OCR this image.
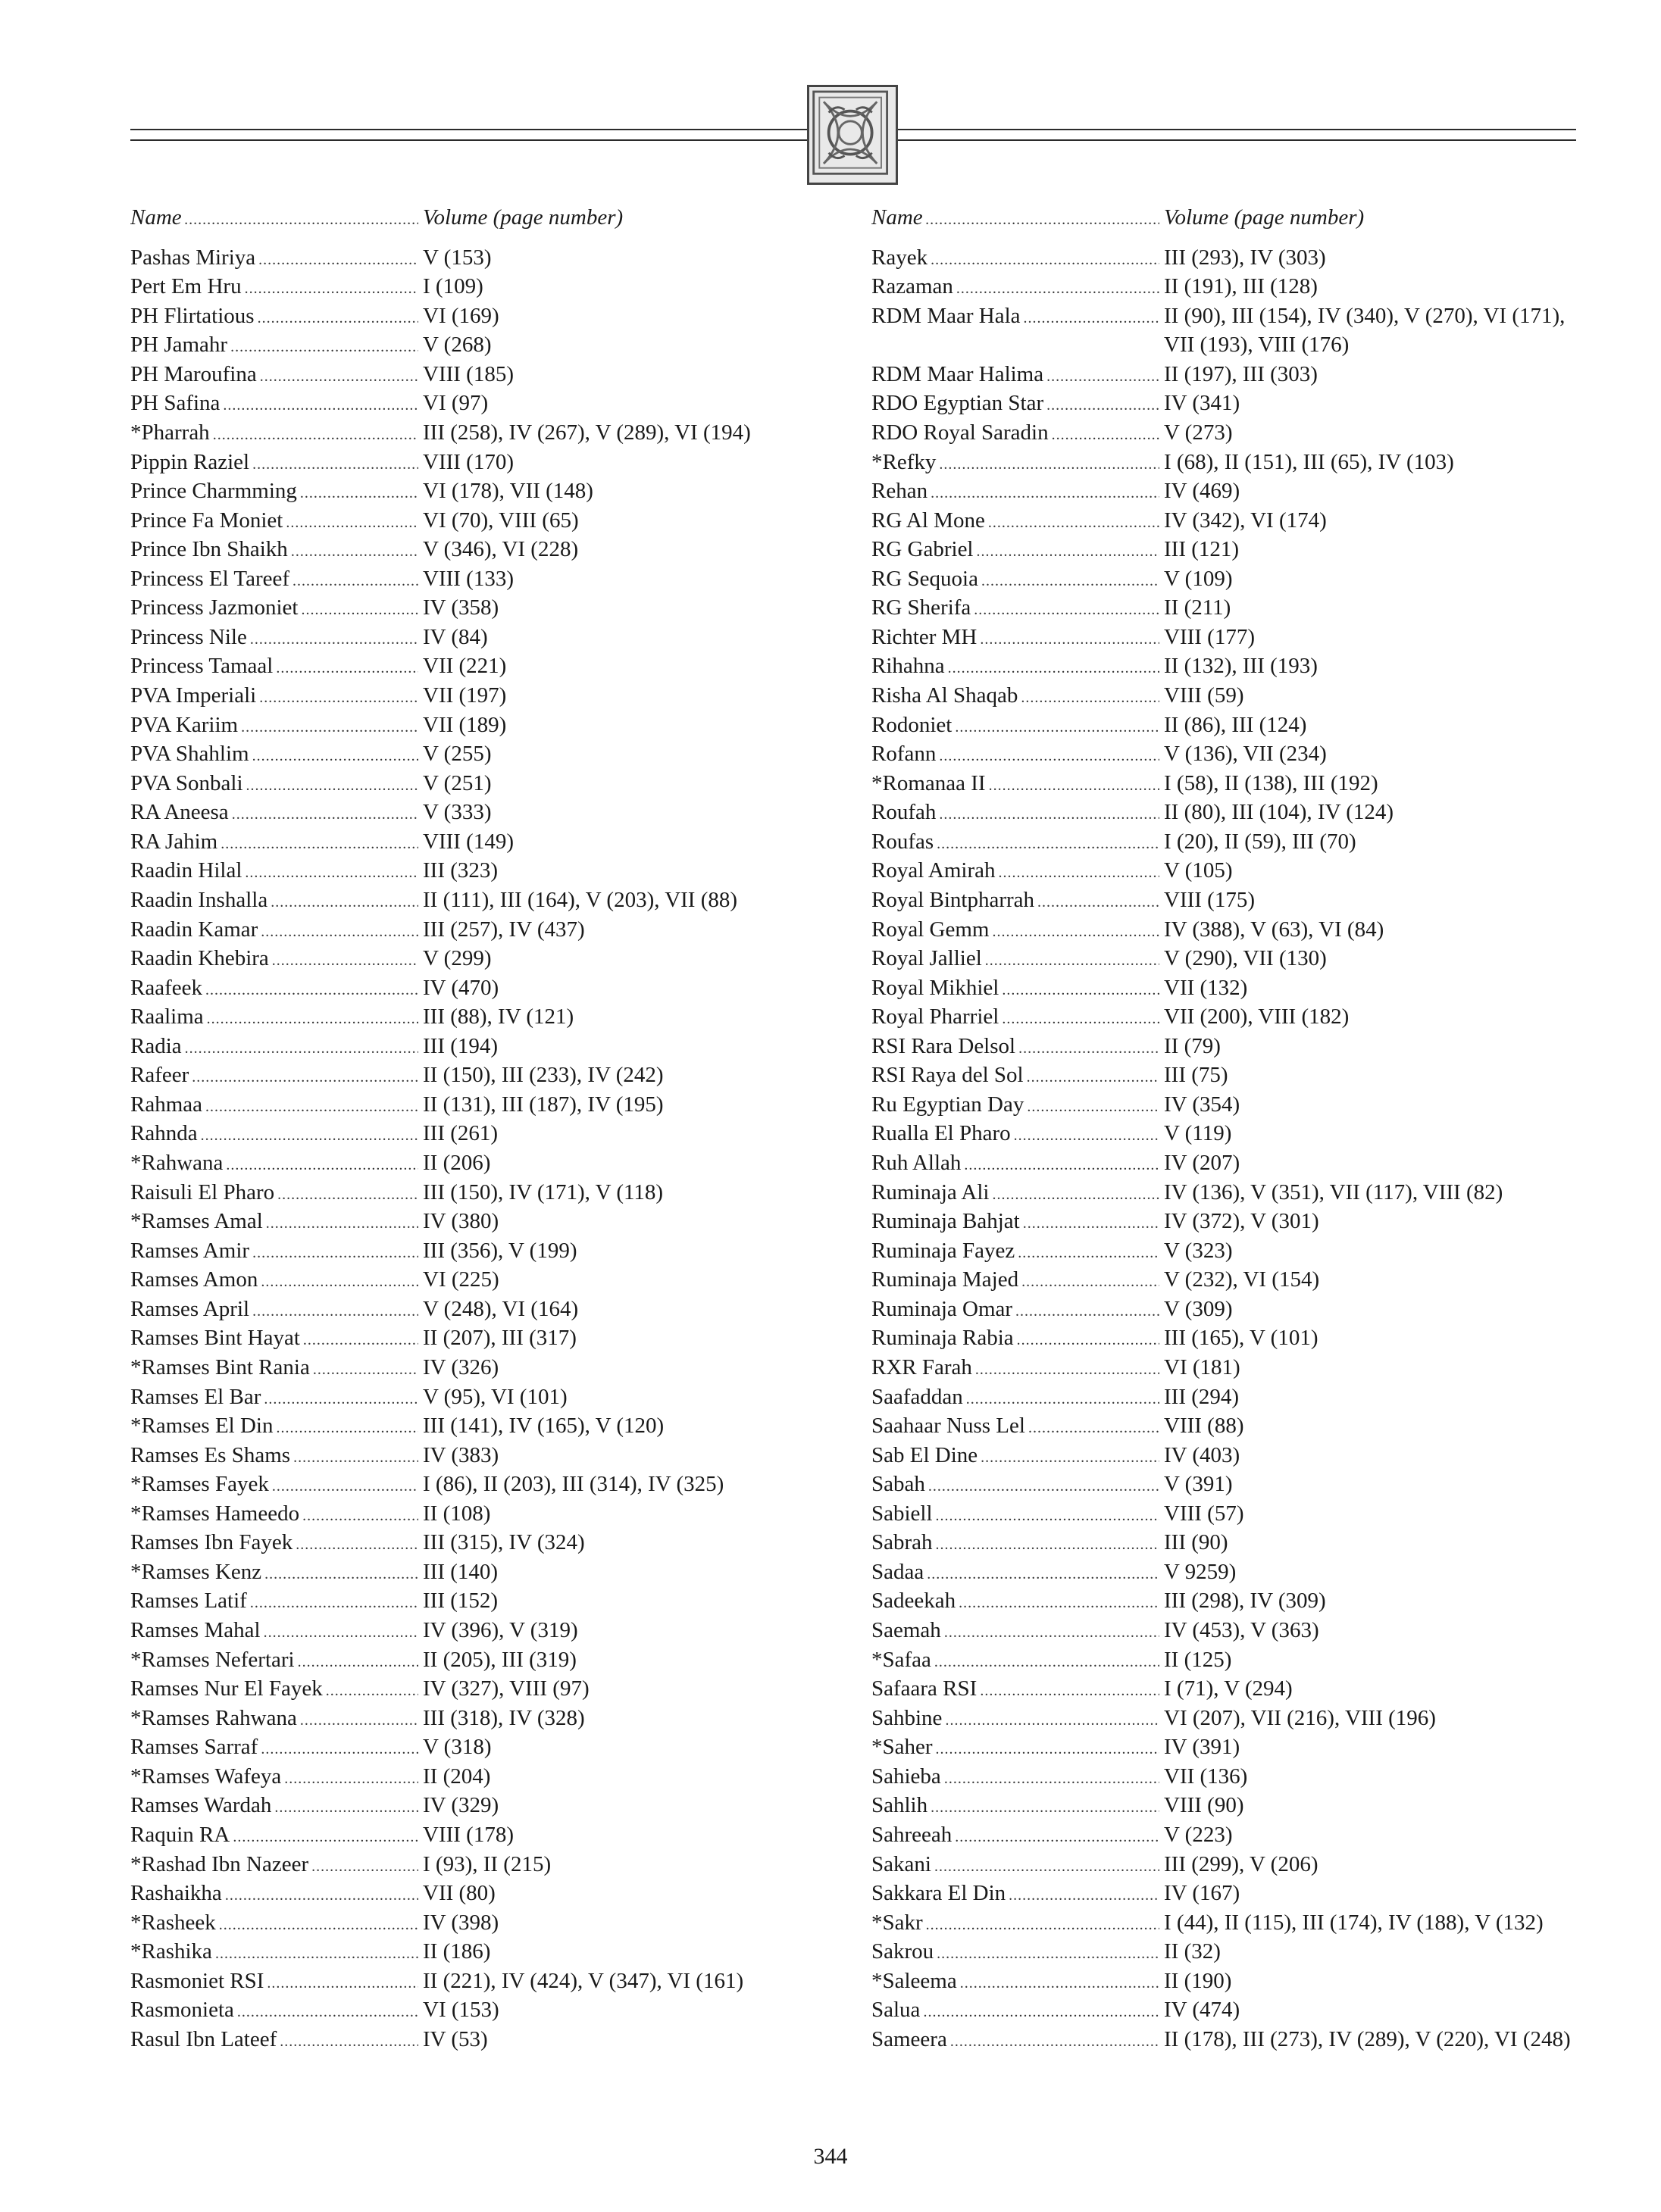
Name .....	Volume (page number)
Pashas Miriya .....	V (153)
Pert Em Hru .....	I (109)
PH Flirtatious .....	VI (169)
PH Jamahr .....	V (268)
PH Maroufina .....	VIII (185)
PH Safina .....	VI (97)
*Pharrah .....	III (258), IV (267), V (289), VI (194)
Pippin Raziel .....	VIII (170)
Prince Charmming .....	VI (178), VII (148)
Prince Fa Moniet .....	VI (70), VIII (65)
Prince Ibn Shaikh .....	V (346), VI (228)
Princess El Tareef .....	VIII (133)
Princess Jazmoniet .....	IV (358)
Princess Nile .....	IV (84)
Princess Tamaal .....	VII (221)
PVA Imperiali .....	VII (197)
PVA Kariim .....	VII (189)
PVA Shahlim .....	V (255)
PVA Sonbali .....	V (251)
RA Aneesa .....	V (333)
RA Jahim .....	VIII (149)
Raadin Hilal .....	III (323)
Raadin Inshalla .....	II (111), III (164), V (203), VII (88)
Raadin Kamar .....	III (257), IV (437)
Raadin Khebira .....	V (299)
Raafeek .....	IV (470)
Raalima .....	III (88), IV (121)
Radia .....	III (194)
Rafeer .....	II (150), III (233), IV (242)
Rahmaa .....	II (131), III (187), IV (195)
Rahnda .....	III (261)
*Rahwana .....	II (206)
Raisuli El Pharo .....	III (150), IV (171), V (118)
*Ramses Amal .....	IV (380)
Ramses Amir .....	III (356), V (199)
Ramses Amon .....	VI (225)
Ramses April .....	V (248), VI (164)
Ramses Bint Hayat .....	II (207), III (317)
*Ramses Bint Rania .....	IV (326)
Ramses El Bar .....	V (95), VI (101)
*Ramses El Din .....	III (141), IV (165), V (120)
Ramses Es Shams .....	IV (383)
*Ramses Fayek .....	I (86), II (203), III (314), IV (325)
*Ramses Hameedo .....	II (108)
Ramses Ibn Fayek .....	III (315), IV (324)
*Ramses Kenz .....	III (140)
Ramses Latif .....	III (152)
Ramses Mahal .....	IV (396), V (319)
*Ramses Nefertari .....	II (205), III (319)
Ramses Nur El Fayek .....	IV (327), VIII (97)
*Ramses Rahwana .....	III (318), IV (328)
Ramses Sarraf .....	V (318)
*Ramses Wafeya .....	II (204)
Ramses Wardah .....	IV (329)
Raquin RA .....	VIII (178)
*Rashad Ibn Nazeer .....	I (93), II (215)
Rashaikha .....	VII (80)
*Rasheek .....	IV (398)
*Rashika .....	II (186)
Rasmoniet RSI .....	II (221), IV (424), V (347), VI (161)
Rasmonieta .....	VI (153)
Rasul Ibn Lateef .....	IV (53)
Name .....	Volume (page number)
Rayek .....	III (293), IV (303)
Razaman .....	II (191), III (128)
RDM Maar Hala .....	II (90), III (154), IV (340), V (270), VI (171),
VII (193), VIII (176)
RDM Maar Halima .....	II (197), III (303)
RDO Egyptian Star .....	IV (341)
RDO Royal Saradin .....	V (273)
*Refky .....	I (68), II (151), III (65), IV (103)
Rehan .....	IV (469)
RG Al Mone .....	IV (342), VI (174)
RG Gabriel .....	III (121)
RG Sequoia .....	V (109)
RG Sherifa .....	II (211)
Richter MH .....	VIII (177)
Rihahna .....	II (132), III (193)
Risha Al Shaqab .....	VIII (59)
Rodoniet .....	II (86), III (124)
Rofann .....	V (136), VII (234)
*Romanaa II .....	I (58), II (138), III (192)
Roufah .....	II (80), III (104), IV (124)
Roufas .....	I (20), II (59), III (70)
Royal Amirah .....	V (105)
Royal Bintpharrah .....	VIII (175)
Royal Gemm .....	IV (388), V (63), VI (84)
Royal Jalliel .....	V (290), VII (130)
Royal Mikhiel .....	VII (132)
Royal Pharriel .....	VII (200), VIII (182)
RSI Rara Delsol .....	II (79)
RSI Raya del Sol .....	III (75)
Ru Egyptian Day .....	IV (354)
Rualla El Pharo .....	V (119)
Ruh Allah .....	IV (207)
Ruminaja Ali .....	IV (136), V (351), VII (117), VIII (82)
Ruminaja Bahjat .....	IV (372), V (301)
Ruminaja Fayez .....	V (323)
Ruminaja Majed .....	V (232), VI (154)
Ruminaja Omar .....	V (309)
Ruminaja Rabia .....	III (165), V (101)
RXR Farah .....	VI (181)
Saafaddan .....	III (294)
Saahaar Nuss Lel .....	VIII (88)
Sab El Dine .....	IV (403)
Sabah .....	V (391)
Sabiell .....	VIII (57)
Sabrah .....	III (90)
Sadaa .....	V 9259)
Sadeekah .....	III (298), IV (309)
Saemah .....	IV (453), V (363)
*Safaa .....	II (125)
Safaara RSI .....	I (71), V (294)
Sahbine .....	VI (207), VII (216), VIII (196)
*Saher .....	IV (391)
Sahieba .....	VII (136)
Sahlih .....	VIII (90)
Sahreeah .....	V (223)
Sakani .....	III (299), V (206)
Sakkara El Din .....	IV (167)
*Sakr .....	I (44), II (115), III (174), IV (188), V (132)
Sakrou .....	II (32)
*Saleema .....	II (190)
Salua .....	IV (474)
Sameera .....	II (178), III (273), IV (289), V (220), VI (248)
344
